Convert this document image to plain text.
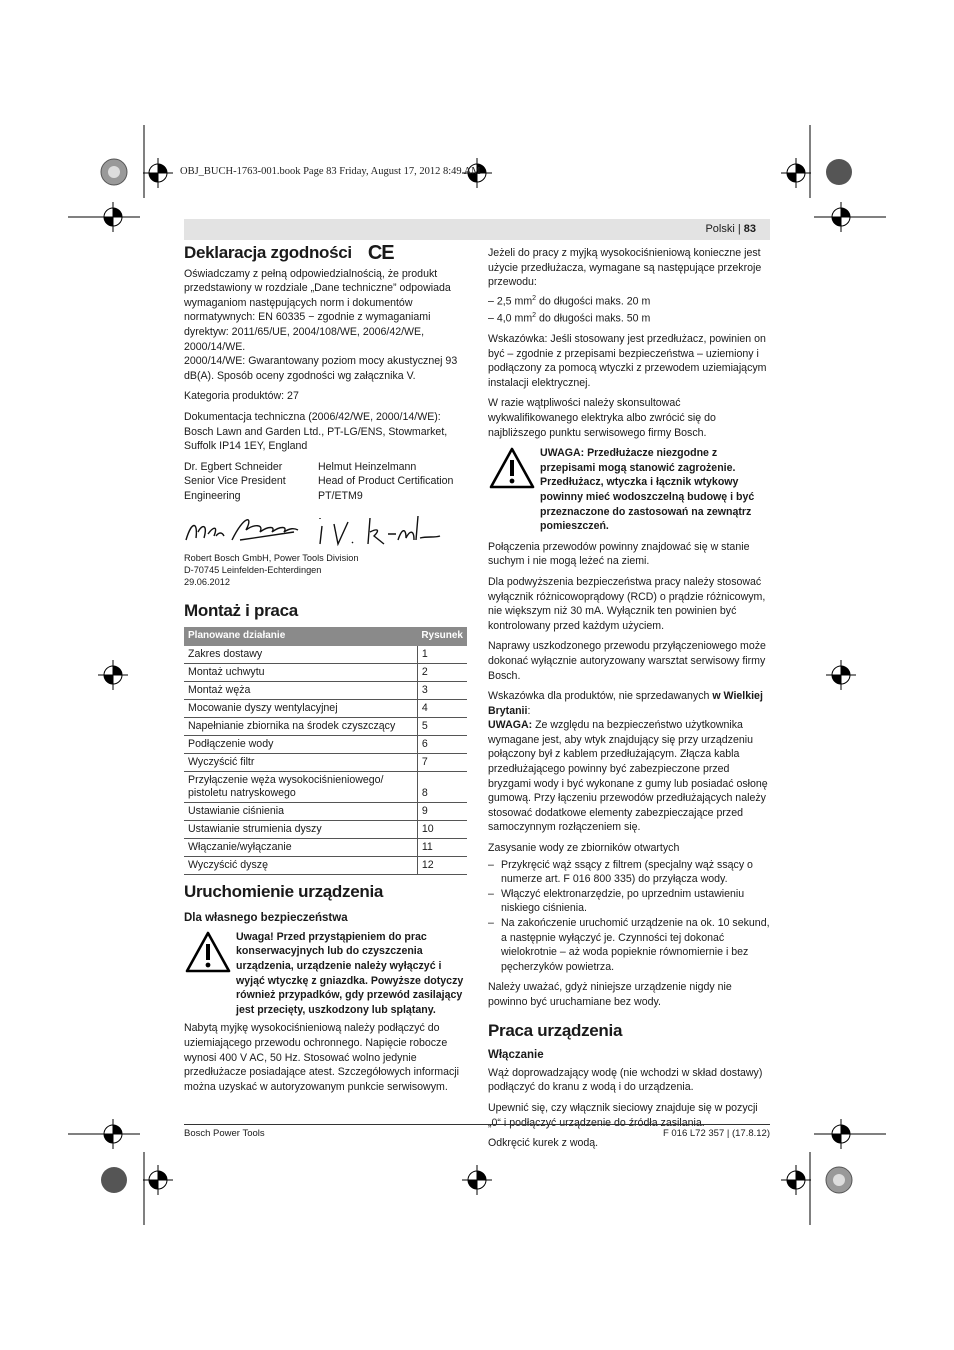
OBJ_BUCH-1763-001.book Page 83 Friday, August 17, 2012 8:49 AM
Polski | 83
Deklaracja zgodności CE

Oświadczamy z pełną odpowiedzialnością, że produkt przedstawiony w rozdziale „Dane techniczne” odpowiada wymaganiom następujących norm i dokumentów normatywnych: EN 60335 − zgodnie z wymaganiami dyrektyw: 2011/65/UE, 2004/108/WE, 2006/42/WE, 2000/14/WE.

2000/14/WE: Gwarantowany poziom mocy akustycznej 93 dB(A). Sposób oceny zgodności wg załącznika V.

Kategoria produktów: 27

Dokumentacja techniczna (2006/42/WE, 2000/14/WE): Bosch Lawn and Garden Ltd., PT-LG/ENS, Stowmarket, Suffolk IP14 1EY, England

Dr. Egbert Schneider
Senior Vice President
Engineering
Helmut Heinzelmann
Head of Product Certification
PT/ETM9
Robert Bosch GmbH, Power Tools Division
D-70745 Leinfelden-Echterdingen
29.06.2012
Montaż i praca
Planowane działanie	Rysunek
Zakres dostawy	1
Montaż uchwytu	2
Montaż węża	3
Mocowanie dyszy wentylacyjnej	4
Napełnianie zbiornika na środek czyszczący	5
Podłączenie wody	6
Wyczyścić filtr	7
Przyłączenie węża wysokociśnieniowego/ pistoletu natryskowego	8
Ustawianie ciśnienia	9
Ustawianie strumienia dyszy	10
Włączanie/wyłączanie	11
Wyczyścić dyszę	12
Uruchomienie urządzenia
Dla własnego bezpieczeństwa
Uwaga! Przed przystąpieniem do prac konserwacyjnych lub do czyszczenia urządzenia, urządzenie należy wyłączyć i wyjąć wtyczkę z gniazdka. Powyższe dotyczy również przypadków, gdy przewód zasilający jest przecięty, uszkodzony lub splątany.

Nabytą myjkę wysokociśnieniową należy podłączyć do uziemiającego przewodu ochronnego. Napięcie robocze wynosi 400 V AC, 50 Hz. Stosować wolno jedynie przedłużacze posiadające atest. Szczegółowych informacji można uzyskać w autoryzowanym punkcie serwisowym.

Jeżeli do pracy z myjką wysokociśnieniową konieczne jest użycie przedłużacza, wymagane są następujące przekroje przewodu:

– 2,5 $mm^2$ do długości maks. 20 m
– 4,0 $mm^2$ do długości maks. 50 m

Wskazówka: Jeśli stosowany jest przedłużacz, powinien on być – zgodnie z przepisami bezpieczeństwa – uziemiony i podłączony za pomocą wtyczki z przewodem uziemiającym instalacji elektrycznej.

W razie wątpliwości należy skonsultować wykwalifikowanego elektryka albo zwrócić się do najbliższego punktu serwisowego firmy Bosch.

UWAGA: Przedłużacze niezgodne z przepisami mogą stanowić zagrożenie. Przedłużacz, wtyczka i łącznik wtykowy powinny mieć wodoszczelną budowę i być przeznaczone do zastosowań na zewnątrz pomieszczeń.

Połączenia przewodów powinny znajdować się w stanie suchym i nie mogą leżeć na ziemi.

Dla podwyższenia bezpieczeństwa pracy należy stosować wyłącznik różnicowoprądowy (RCD) o prądzie różnicowym, nie większym niż 30 mA. Wyłącznik ten powinien być kontrolowany przed każdym użyciem.

Naprawy uszkodzonego przewodu przyłączeniowego może dokonać wyłącznie autoryzowany warsztat serwisowy firmy Bosch.

Wskazówka dla produktów, nie sprzedawanych w Wielkiej Brytanii:

UWAGA: Ze względu na bezpieczeństwo użytkownika wymagane jest, aby wtyk znajdujący się przy urządzeniu połączony był z kablem przedłużającym. Złącza kabla przedłużającego powinny być zabezpieczone przed bryzgami wody i być wykonane z gumy lub posiadać osłonę gumową. Przy łączeniu przewodów przedłużających należy stosować dodatkowe elementy zabezpieczające przed samoczynnym rozłączeniem się.

Zasysanie wody ze zbiorników otwartych
– Przykręcić wąż ssący z filtrem (specjalny wąż ssący o numerze art. F 016 800 335) do przyłącza wody.
– Włączyć elektronarzędzie, po uprzednim ustawieniu niskiego ciśnienia.
– Na zakończenie uruchomić urządzenie na ok. 10 sekund, a następnie wyłączyć je. Czynności tej dokonać wielokrotnie – aż woda popieknie równomiernie i bez pęcherzyków powietrza.

Należy uważać, gdyż niniejsze urządzenie nigdy nie powinno być uruchamiane bez wody.

Praca urządzenia
Włączanie

Wąż doprowadzający wodę (nie wchodzi w skład dostawy) podłączyć do kranu z wodą i do urządzenia.

Upewnić się, czy włącznik sieciowy znajduje się w pozycji „0“ i podłączyć urządzenie do źródła zasilania.

Odkręcić kurek z wodą.

Bosch Power Tools	F 016 L72 357 | (17.8.12)
